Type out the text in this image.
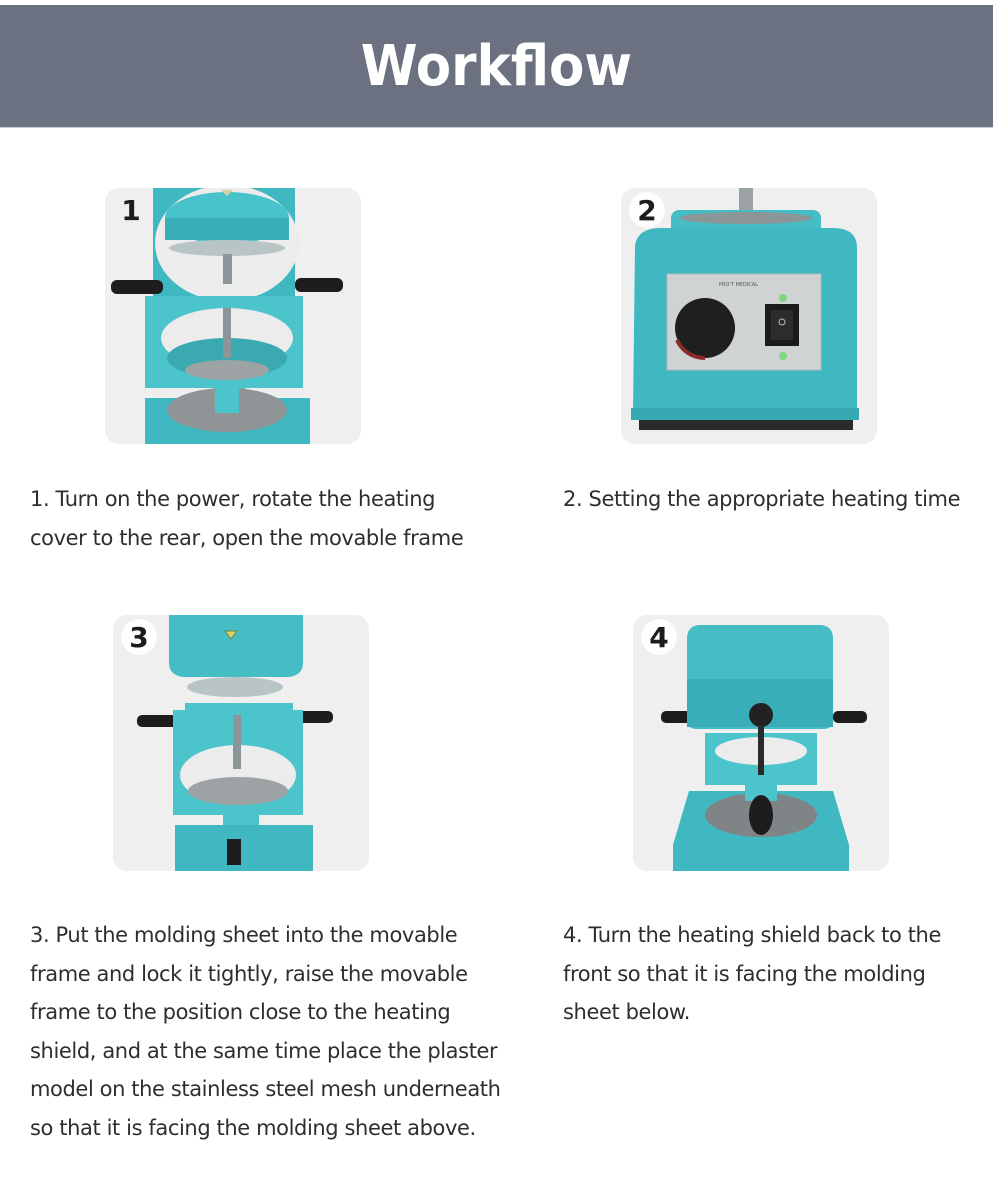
Workflow
1
PRO'T MEDICAL
2
3	4
1. Turn on the power, rotate the heating
cover to the rear, open the movable frame
2. Setting the appropriate heating time
3. Put the molding sheet into the movable
frame and lock it tightly, raise the movable
frame to the position close to the heating
shield, and at the same time place the plaster
model on the stainless steel mesh underneath
so that it is facing the molding sheet above.
4. Turn the heating shield back to the
front so that it is facing the molding
sheet below.
